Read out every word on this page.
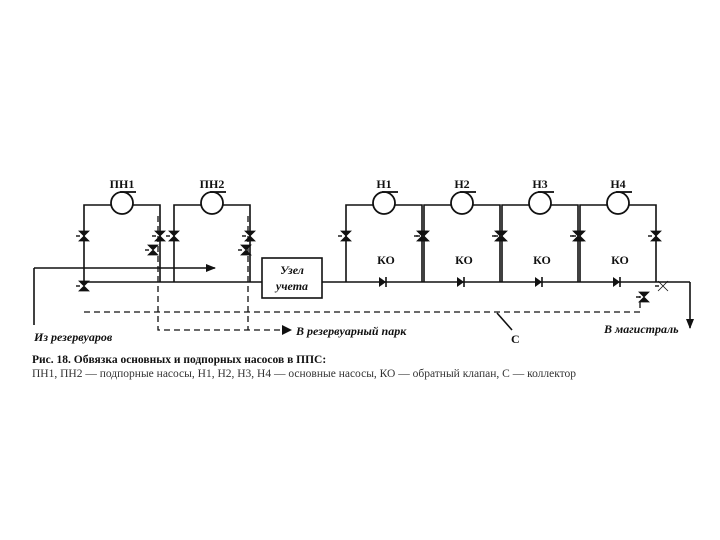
Узел
учета
ПН1	ПН2	Н1
КО
Н2
КО
Н3
КО
Н4
КО
Из резервуаров	В резервуарный парк	В магистраль
С
Рис. 18. Обвязка основных и подпорных насосов в ППС:
ПН1, ПН2 — подпорные насосы, Н1, Н2, Н3, Н4 — основные насосы, КО — обратный клапан, С — коллектор
